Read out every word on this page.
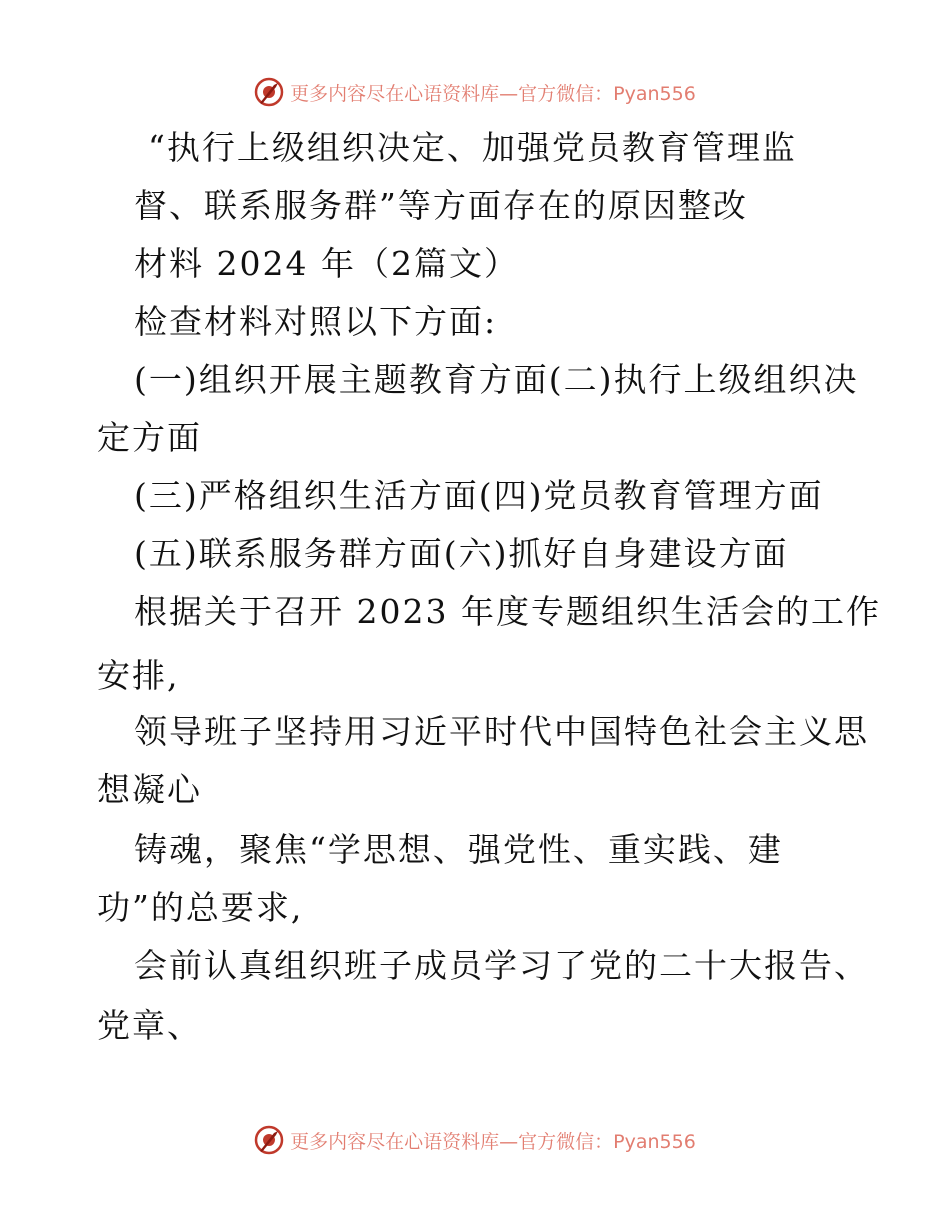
更多内容尽在心语资料库—官方微信：Pyan556
“执行上级组织决定、加强党员教育管理监
督、联系服务群”等方面存在的原因整改
材料 2024 年（2篇文）
检查材料对照以下方面:
(一)组织开展主题教育方面(二)执行上级组织决
定方面
(三)严格组织生活方面(四)党员教育管理方面
(五)联系服务群方面(六)抓好自身建设方面
根据关于召开 2023 年度专题组织生活会的工作
安排,
领导班子坚持用习近平时代中国特色社会主义思
想凝心
铸魂，聚焦“学思想、强党性、重实践、建
功”的总要求,
会前认真组织班子成员学习了党的二十大报告、
党章、
更多内容尽在心语资料库—官方微信：Pyan556
